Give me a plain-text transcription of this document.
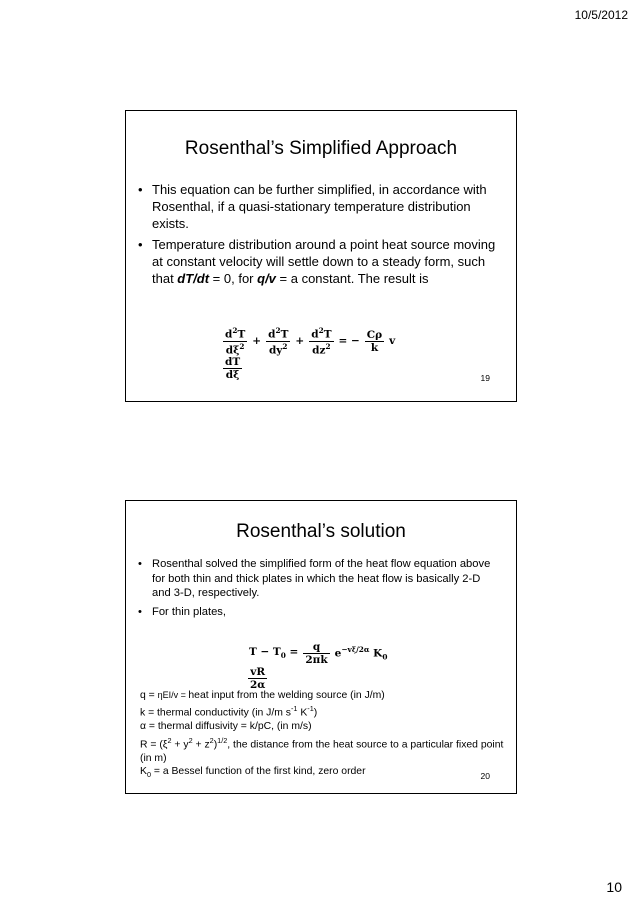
10/5/2012
Rosenthal’s Simplified Approach
• This equation can be further simplified, in accordance with Rosenthal, if a quasi-stationary temperature distribution exists.
• Temperature distribution around a point heat source moving at constant velocity will settle down to a steady form, such that dT/dt = 0, for q/v = a constant. The result is
$\frac{d^2T}{d\xi^2} + \frac{d^2T}{dy^2} + \frac{d^2T}{dz^2}$ = − $\frac{C\rho}{k}$ v
$\frac{dT}{d\xi}$	19
Rosenthal’s solution
• Rosenthal solved the simplified form of the heat flow equation above for both thin and thick plates in which the heat flow is basically 2-D and 3-D, respectively.
• For thin plates,
$T - T_0 = \frac{q}{2\pi k} e^{-v\xi/2\alpha}$ $K_0$
$\frac{vR}{2\alpha}$
q = ηEI/v = heat input from the welding source (in J/m)
k = thermal conductivity (in J/m $s^{-1}$ $K^{-1}$)
α = thermal diffusivity = k/pC, (in m/s)
$R = (\xi^2 + y^2 + z^2)^{1/2}$, the distance from the heat source to a particular fixed point (in m)
$K_0 = a$ Bessel function of the first kind, zero order	20
10
